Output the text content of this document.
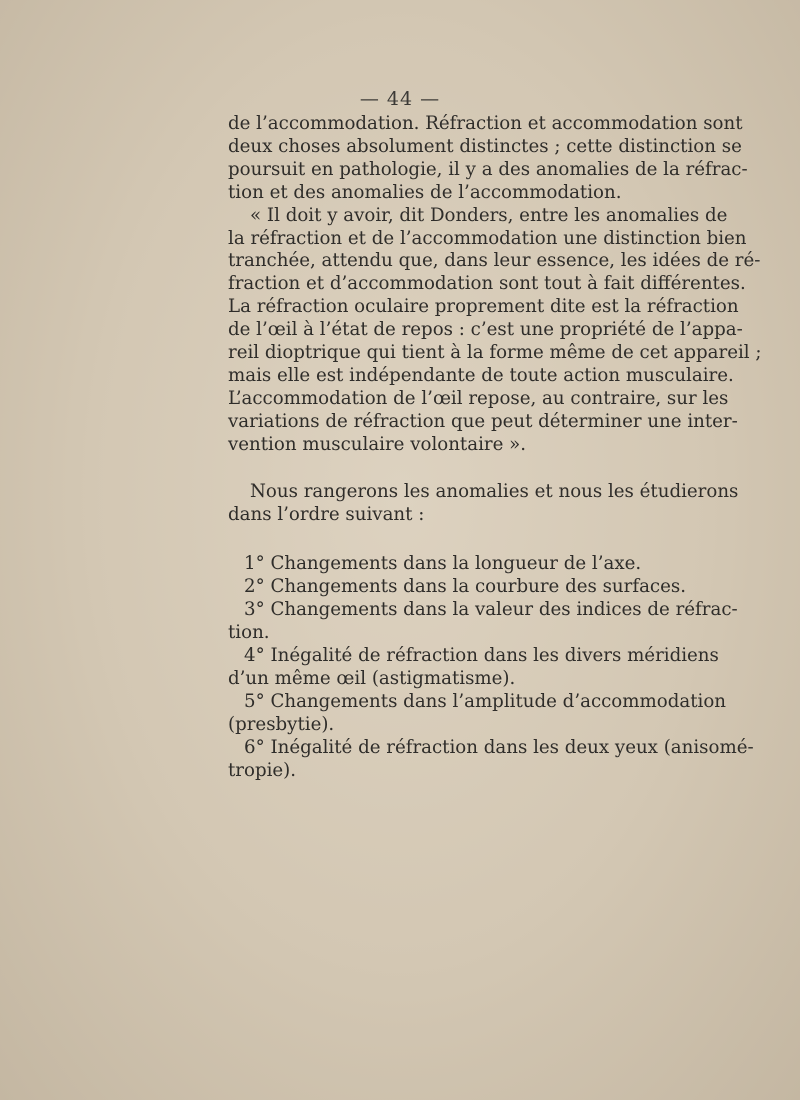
— 44 —
de l’accommodation. Réfraction et accommodation sont
deux choses absolument distinctes ; cette distinction se
poursuit en pathologie, il y a des anomalies de la réfrac-
tion et des anomalies de l’accommodation.
« Il doit y avoir, dit Donders, entre les anomalies de
la réfraction et de l’accommodation une distinction bien
tranchée, attendu que, dans leur essence, les idées de ré-
fraction et d’accommodation sont tout à fait différentes.
La réfraction oculaire proprement dite est la réfraction
de l’œil à l’état de repos : c’est une propriété de l’appa-
reil dioptrique qui tient à la forme même de cet appareil ;
mais elle est indépendante de toute action musculaire.
L’accommodation de l’œil repose, au contraire, sur les
variations de réfraction que peut déterminer une inter-
vention musculaire volontaire ».
Nous rangerons les anomalies et nous les étudierons
dans l’ordre suivant :
1° Changements dans la longueur de l’axe.
2° Changements dans la courbure des surfaces.
3° Changements dans la valeur des indices de réfrac-
tion.
4° Inégalité de réfraction dans les divers méridiens
d’un même œil (astigmatisme).
5° Changements dans l’amplitude d’accommodation
(presbytie).
6° Inégalité de réfraction dans les deux yeux (anisomé-
tropie).
